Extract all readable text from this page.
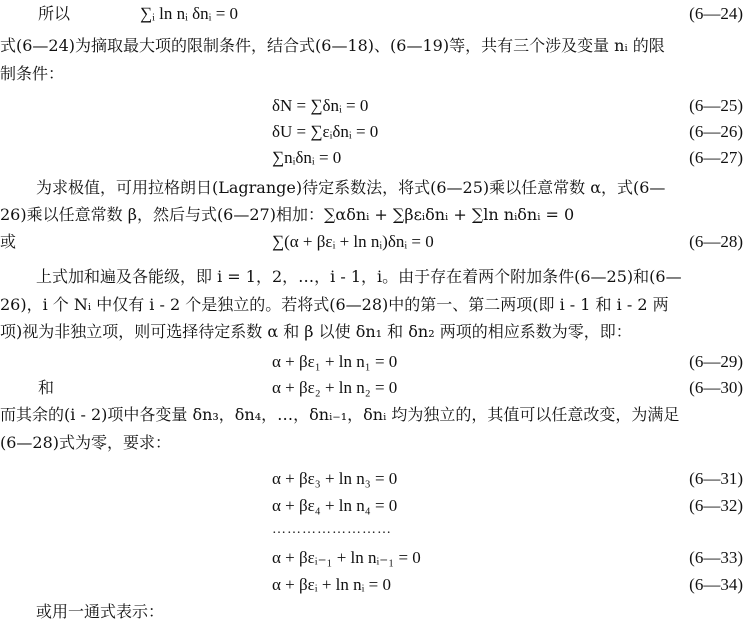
所以	∑ᵢ ln nᵢ δnᵢ = 0	(6—24)
式(6—24)为摘取最大项的限制条件，结合式(6—18)、(6—19)等，共有三个涉及变量 nᵢ 的限
制条件：
δN = ∑δnᵢ = 0	(6—25)
δU = ∑εᵢδnᵢ = 0	(6—26)
∑nᵢδnᵢ = 0	(6—27)
为求极值，可用拉格朗日(Lagrange)待定系数法，将式(6—25)乘以任意常数 α，式(6—
26)乘以任意常数 β，然后与式(6—27)相加：∑αδnᵢ + ∑βεᵢδnᵢ + ∑ln nᵢδnᵢ = 0
或	∑(α + βεᵢ + ln nᵢ)δnᵢ = 0	(6—28)
上式加和遍及各能级，即 i = 1，2，…，i - 1，i。由于存在着两个附加条件(6—25)和(6—
26)，i 个 Nᵢ 中仅有 i - 2 个是独立的。若将式(6—28)中的第一、第二两项(即 i - 1 和 i - 2 两
项)视为非独立项，则可选择待定系数 α 和 β 以使 δn₁ 和 δn₂ 两项的相应系数为零，即：
α + βε₁ + ln n₁ = 0	(6—29)
和	α + βε₂ + ln n₂ = 0	(6—30)
而其余的(i - 2)项中各变量 δn₃，δn₄，…，δnᵢ₋₁，δnᵢ 均为独立的，其值可以任意改变，为满足
(6—28)式为零，要求：
α + βε₃ + ln n₃ = 0	(6—31)
α + βε₄ + ln n₄ = 0	(6—32)
……………………
α + βεᵢ₋₁ + ln nᵢ₋₁ = 0	(6—33)
α + βεᵢ + ln nᵢ = 0	(6—34)
或用一通式表示：
